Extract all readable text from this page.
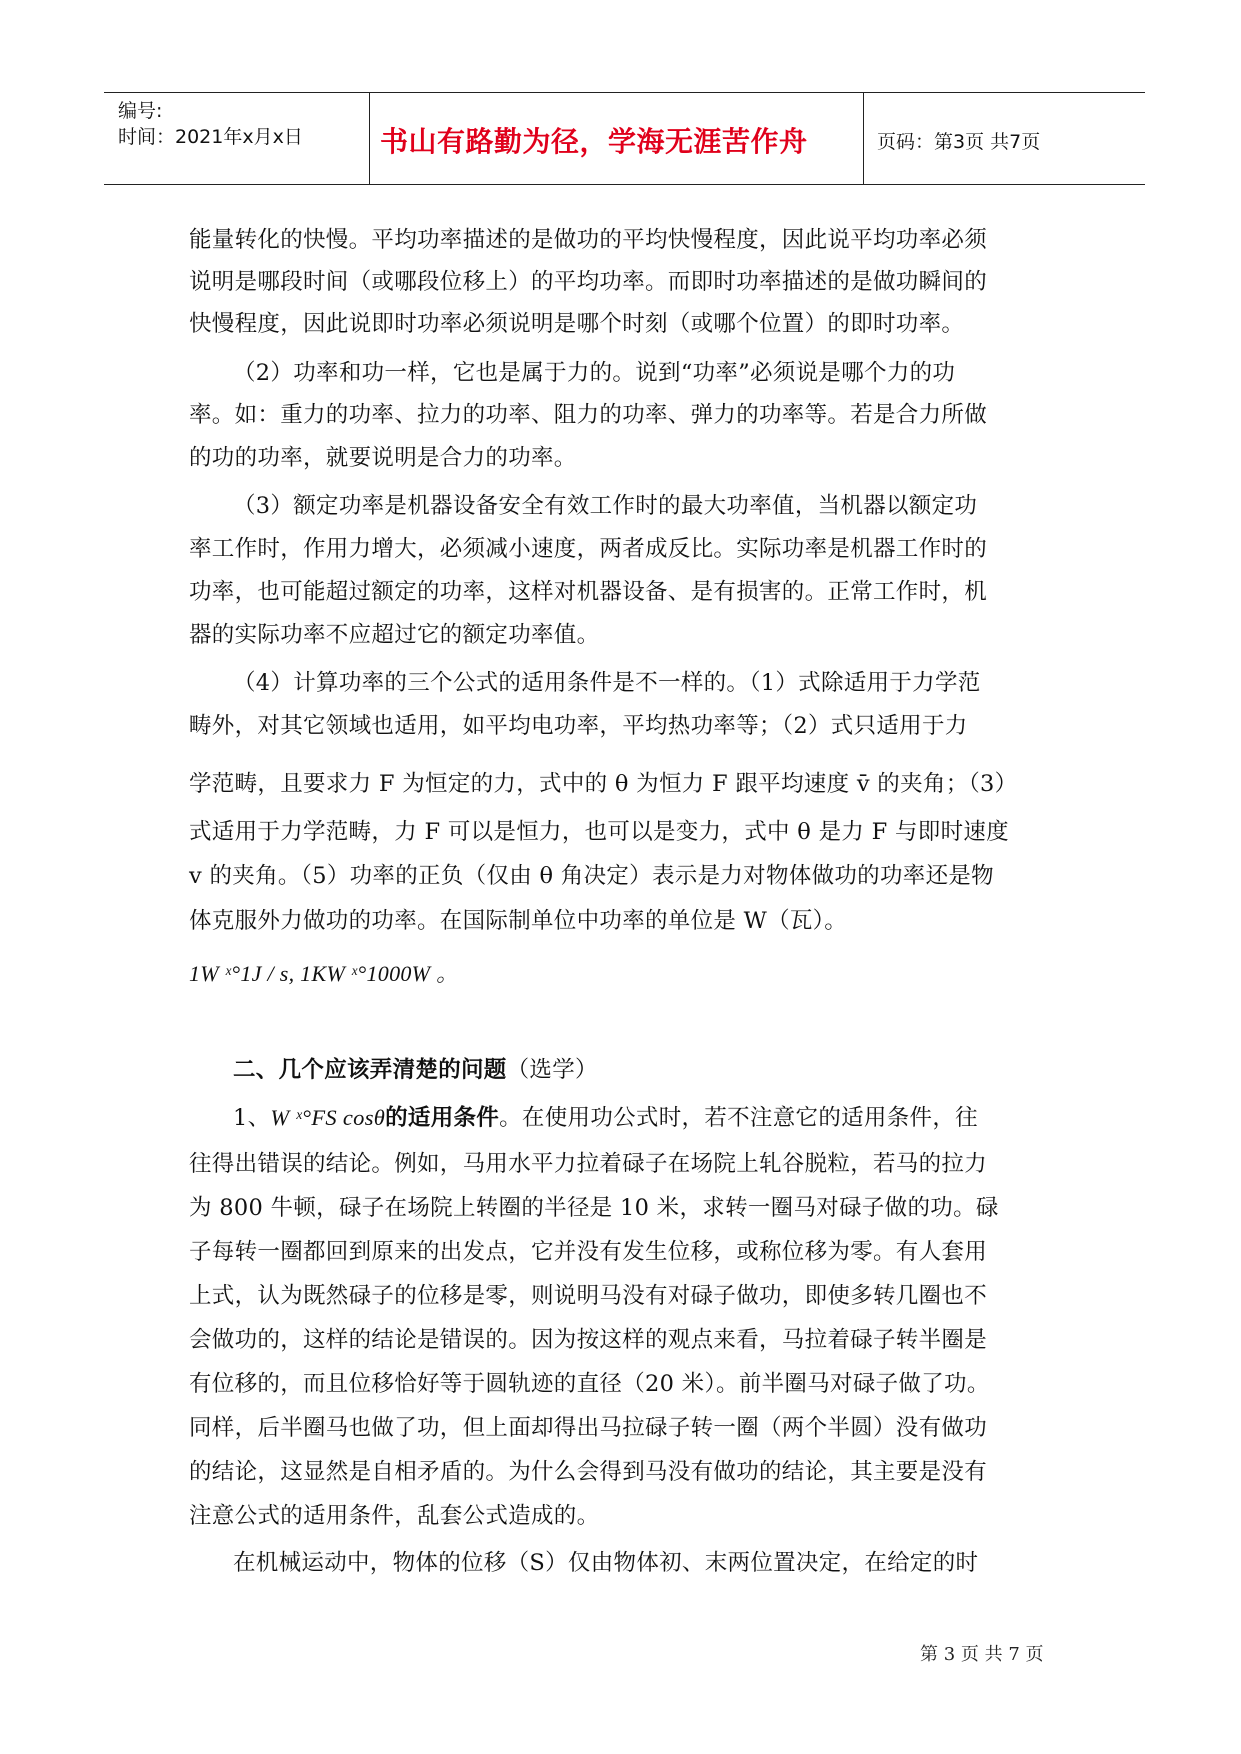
编号:
时间：2021年x月x日	书山有路勤为径，学海无涯苦作舟	页码：第3页 共7页
能量转化的快慢。平均功率描述的是做功的平均快慢程度，因此说平均功率必须
说明是哪段时间（或哪段位移上）的平均功率。而即时功率描述的是做功瞬间的
快慢程度，因此说即时功率必须说明是哪个时刻（或哪个位置）的即时功率。
（2）功率和功一样，它也是属于力的。说到“功率”必须说是哪个力的功
率。如：重力的功率、拉力的功率、阻力的功率、弹力的功率等。若是合力所做
的功的功率，就要说明是合力的功率。
（3）额定功率是机器设备安全有效工作时的最大功率值，当机器以额定功
率工作时，作用力增大，必须减小速度，两者成反比。实际功率是机器工作时的
功率，也可能超过额定的功率，这样对机器设备、是有损害的。正常工作时，机
器的实际功率不应超过它的额定功率值。
（4）计算功率的三个公式的适用条件是不一样的。（1）式除适用于力学范
畴外，对其它领域也适用，如平均电功率，平均热功率等；（2）式只适用于力
学范畴，且要求力 F 为恒定的力，式中的 θ 为恒力 F 跟平均速度 v̄ 的夹角；（3）
式适用于力学范畴，力 F 可以是恒力，也可以是变力，式中 θ 是力 F 与即时速度
v 的夹角。（5）功率的正负（仅由 θ 角决定）表示是力对物体做功的功率还是物
体克服外力做功的功率。在国际制单位中功率的单位是 W（瓦）。
1W ˣ°1J / s, 1KW ˣ°1000W 。
二、几个应该弄清楚的问题（选学）
1、W ˣ°FS cosθ的适用条件。在使用功公式时，若不注意它的适用条件，往
往得出错误的结论。例如，马用水平力拉着碌子在场院上轧谷脱粒，若马的拉力
为 800 牛顿，碌子在场院上转圈的半径是 10 米，求转一圈马对碌子做的功。碌
子每转一圈都回到原来的出发点，它并没有发生位移，或称位移为零。有人套用
上式，认为既然碌子的位移是零，则说明马没有对碌子做功，即使多转几圈也不
会做功的，这样的结论是错误的。因为按这样的观点来看，马拉着碌子转半圈是
有位移的，而且位移恰好等于圆轨迹的直径（20 米）。前半圈马对碌子做了功。
同样，后半圈马也做了功，但上面却得出马拉碌子转一圈（两个半圆）没有做功
的结论，这显然是自相矛盾的。为什么会得到马没有做功的结论，其主要是没有
注意公式的适用条件，乱套公式造成的。
在机械运动中，物体的位移（S）仅由物体初、末两位置决定，在给定的时
第 3 页 共 7 页
